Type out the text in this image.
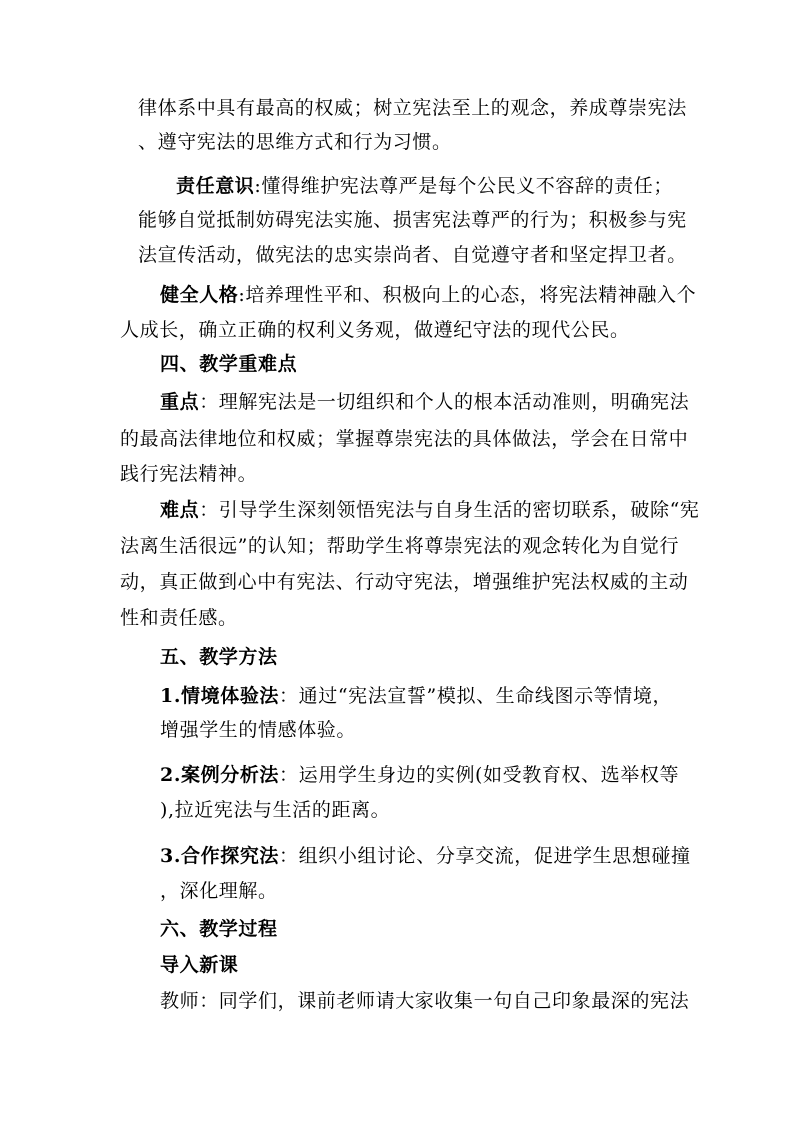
律体系中具有最高的权威；树立宪法至上的观念，养成尊崇宪法
、遵守宪法的思维方式和行为习惯。
责任意识:懂得维护宪法尊严是每个公民义不容辞的责任；
能够自觉抵制妨碍宪法实施、损害宪法尊严的行为；积极参与宪
法宣传活动，做宪法的忠实崇尚者、自觉遵守者和坚定捍卫者。
健全人格:培养理性平和、积极向上的心态，将宪法精神融入个
人成长，确立正确的权利义务观，做遵纪守法的现代公民。
四、教学重难点
重点：理解宪法是一切组织和个人的根本活动准则，明确宪法
的最高法律地位和权威；掌握尊崇宪法的具体做法，学会在日常中
践行宪法精神。
难点：引导学生深刻领悟宪法与自身生活的密切联系，破除“宪
法离生活很远”的认知；帮助学生将尊崇宪法的观念转化为自觉行
动，真正做到心中有宪法、行动守宪法，增强维护宪法权威的主动
性和责任感。
五、教学方法
1.情境体验法：通过“宪法宣誓”模拟、生命线图示等情境，
增强学生的情感体验。
2.案例分析法：运用学生身边的实例(如受教育权、选举权等
),拉近宪法与生活的距离。
3.合作探究法：组织小组讨论、分享交流，促进学生思想碰撞
，深化理解。
六、教学过程
导入新课
教师：同学们，课前老师请大家收集一句自己印象最深的宪法
